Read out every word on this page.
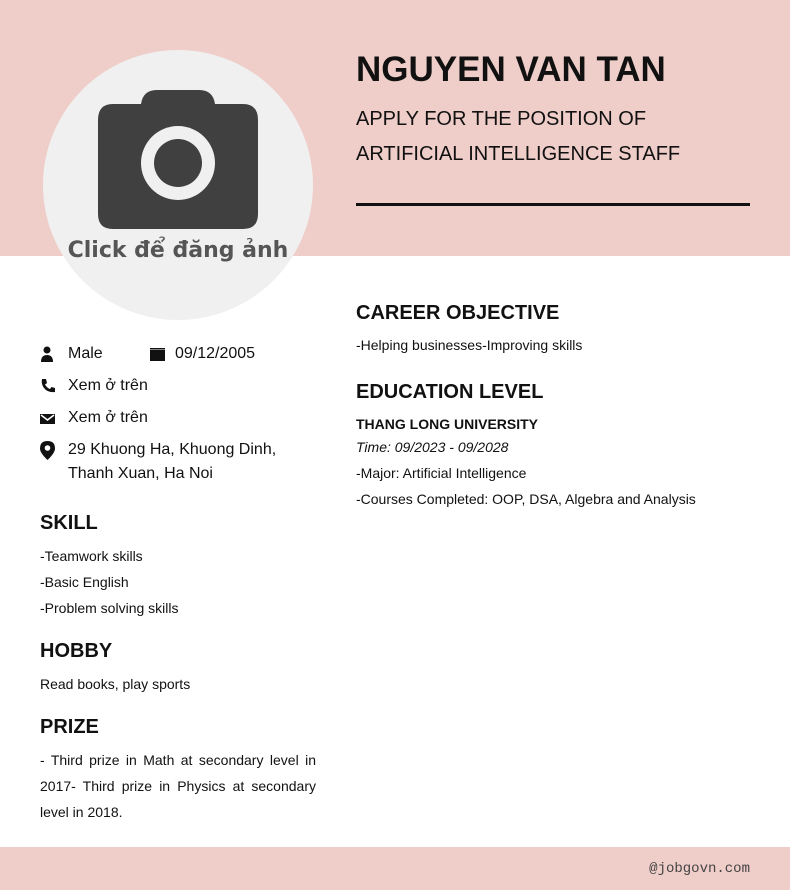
Click để đăng ảnh
NGUYEN VAN TAN
APPLY FOR THE POSITION OF ARTIFICIAL INTELLIGENCE STAFF
Male	09/12/2005
Xem ở trên
Xem ở trên
29 Khuong Ha, Khuong Dinh,
Thanh Xuan, Ha Noi
SKILL
-Teamwork skills
-Basic English
-Problem solving skills
HOBBY
Read books, play sports
PRIZE
- Third prize in Math at secondary level in 2017- Third prize in Physics at secondary level in 2018.
CAREER OBJECTIVE
-Helping businesses-Improving skills
EDUCATION LEVEL
THANG LONG UNIVERSITY
Time: 09/2023 - 09/2028
-Major: Artificial Intelligence
-Courses Completed: OOP, DSA, Algebra and Analysis
@jobgovn.com
